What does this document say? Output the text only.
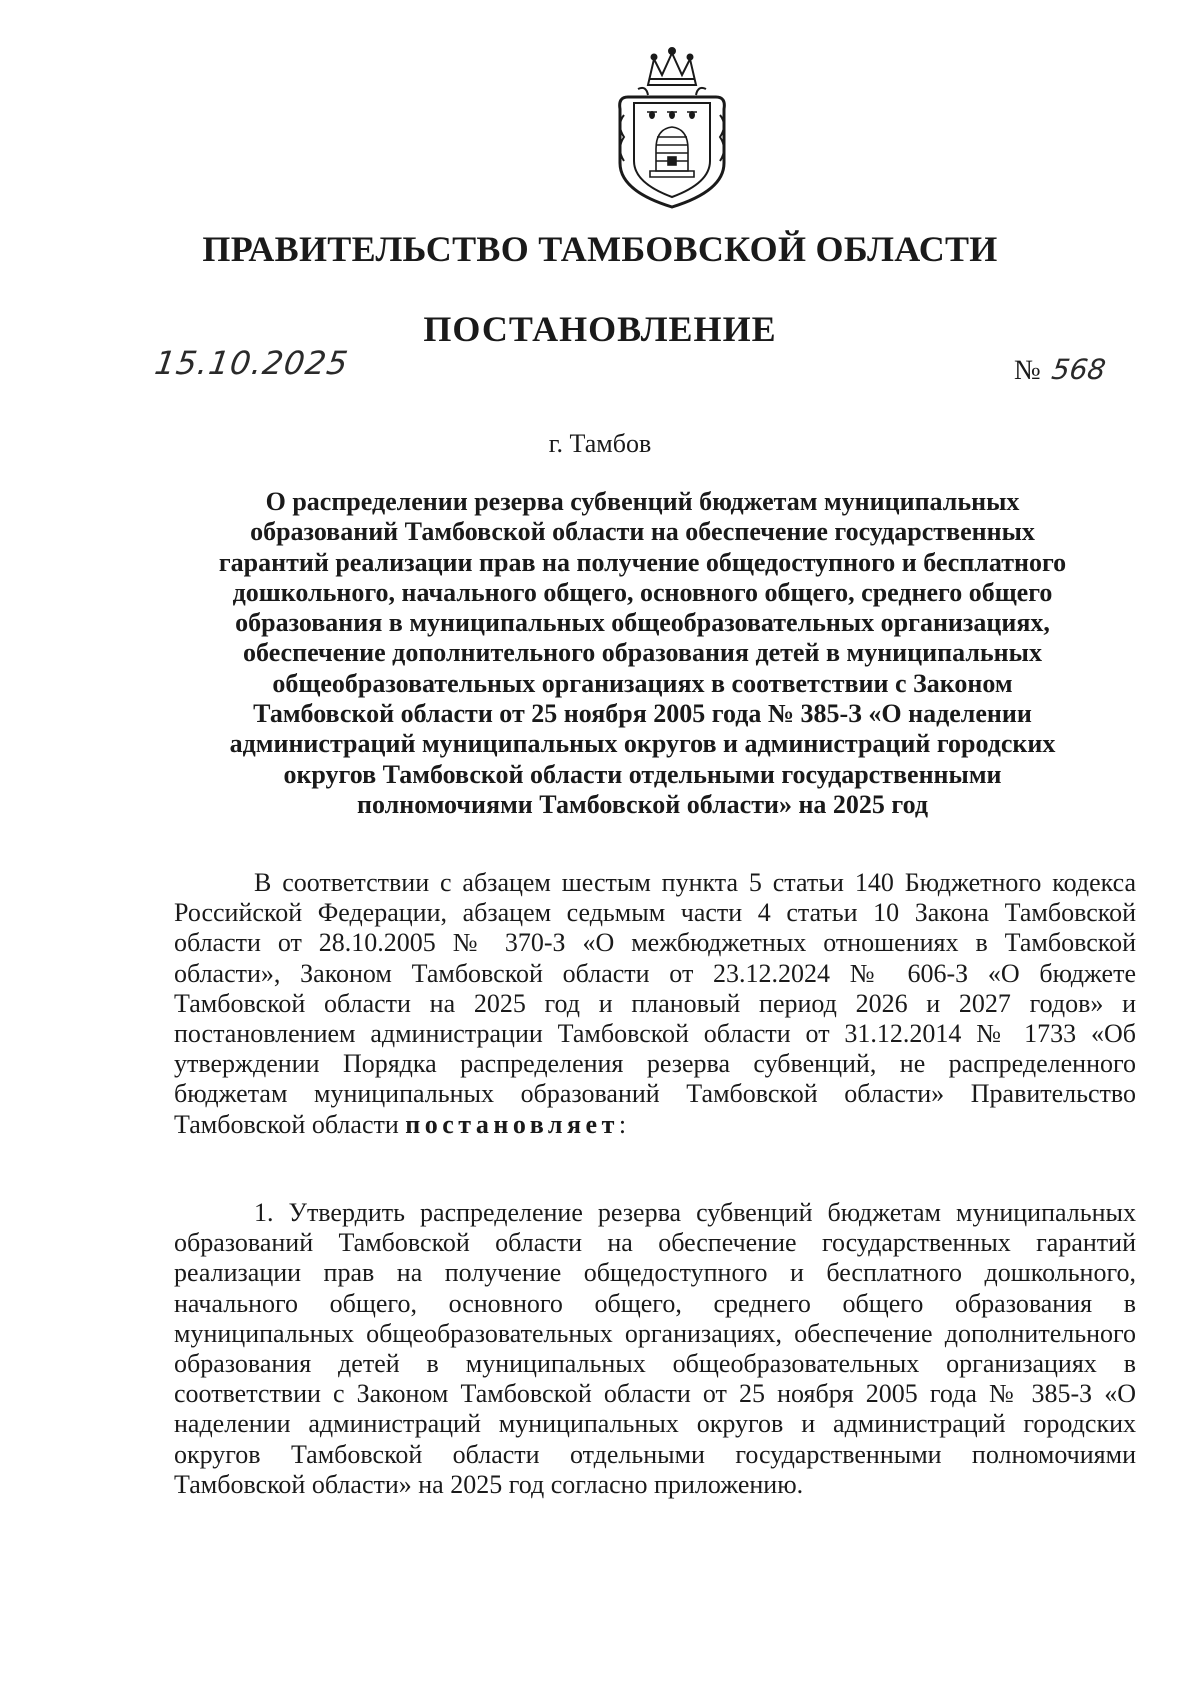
ПРАВИТЕЛЬСТВО ТАМБОВСКОЙ ОБЛАСТИ
ПОСТАНОВЛЕНИЕ
15.10.2025	№ 568

г. Тамбов

О распределении резерва субвенций бюджетам муниципальных
образований Тамбовской области на обеспечение государственных
гарантий реализации прав на получение общедоступного и бесплатного
дошкольного, начального общего, основного общего, среднего общего
образования в муниципальных общеобразовательных организациях,
обеспечение дополнительного образования детей в муниципальных
общеобразовательных организациях в соответствии с Законом
Тамбовской области от 25 ноября 2005 года № 385-З «О наделении
администраций муниципальных округов и администраций городских
округов Тамбовской области отдельными государственными
полномочиями Тамбовской области» на 2025 год

В соответствии с абзацем шестым пункта 5 статьи 140 Бюджетного кодекса Российской Федерации, абзацем седьмым части 4 статьи 10 Закона Тамбовской области от 28.10.2005 № 370-З «О межбюджетных отношениях в Тамбовской области», Законом Тамбовской области от 23.12.2024 № 606-З «О бюджете Тамбовской области на 2025 год и плановый период 2026 и 2027 годов» и постановлением администрации Тамбовской области от 31.12.2014 № 1733 «Об утверждении Порядка распределения резерва субвенций, не распределенного бюджетам муниципальных образований Тамбовской области» Правительство Тамбовской области постановляет:

1. Утвердить распределение резерва субвенций бюджетам муниципальных образований Тамбовской области на обеспечение государственных гарантий реализации прав на получение общедоступного и бесплатного дошкольного, начального общего, основного общего, среднего общего образования в муниципальных общеобразовательных организациях, обеспечение дополнительного образования детей в муниципальных общеобразовательных организациях в соответствии с Законом Тамбовской области от 25 ноября 2005 года № 385-З «О наделении администраций муниципальных округов и администраций городских округов Тамбовской области отдельными государственными полномочиями Тамбовской области» на 2025 год согласно приложению.
